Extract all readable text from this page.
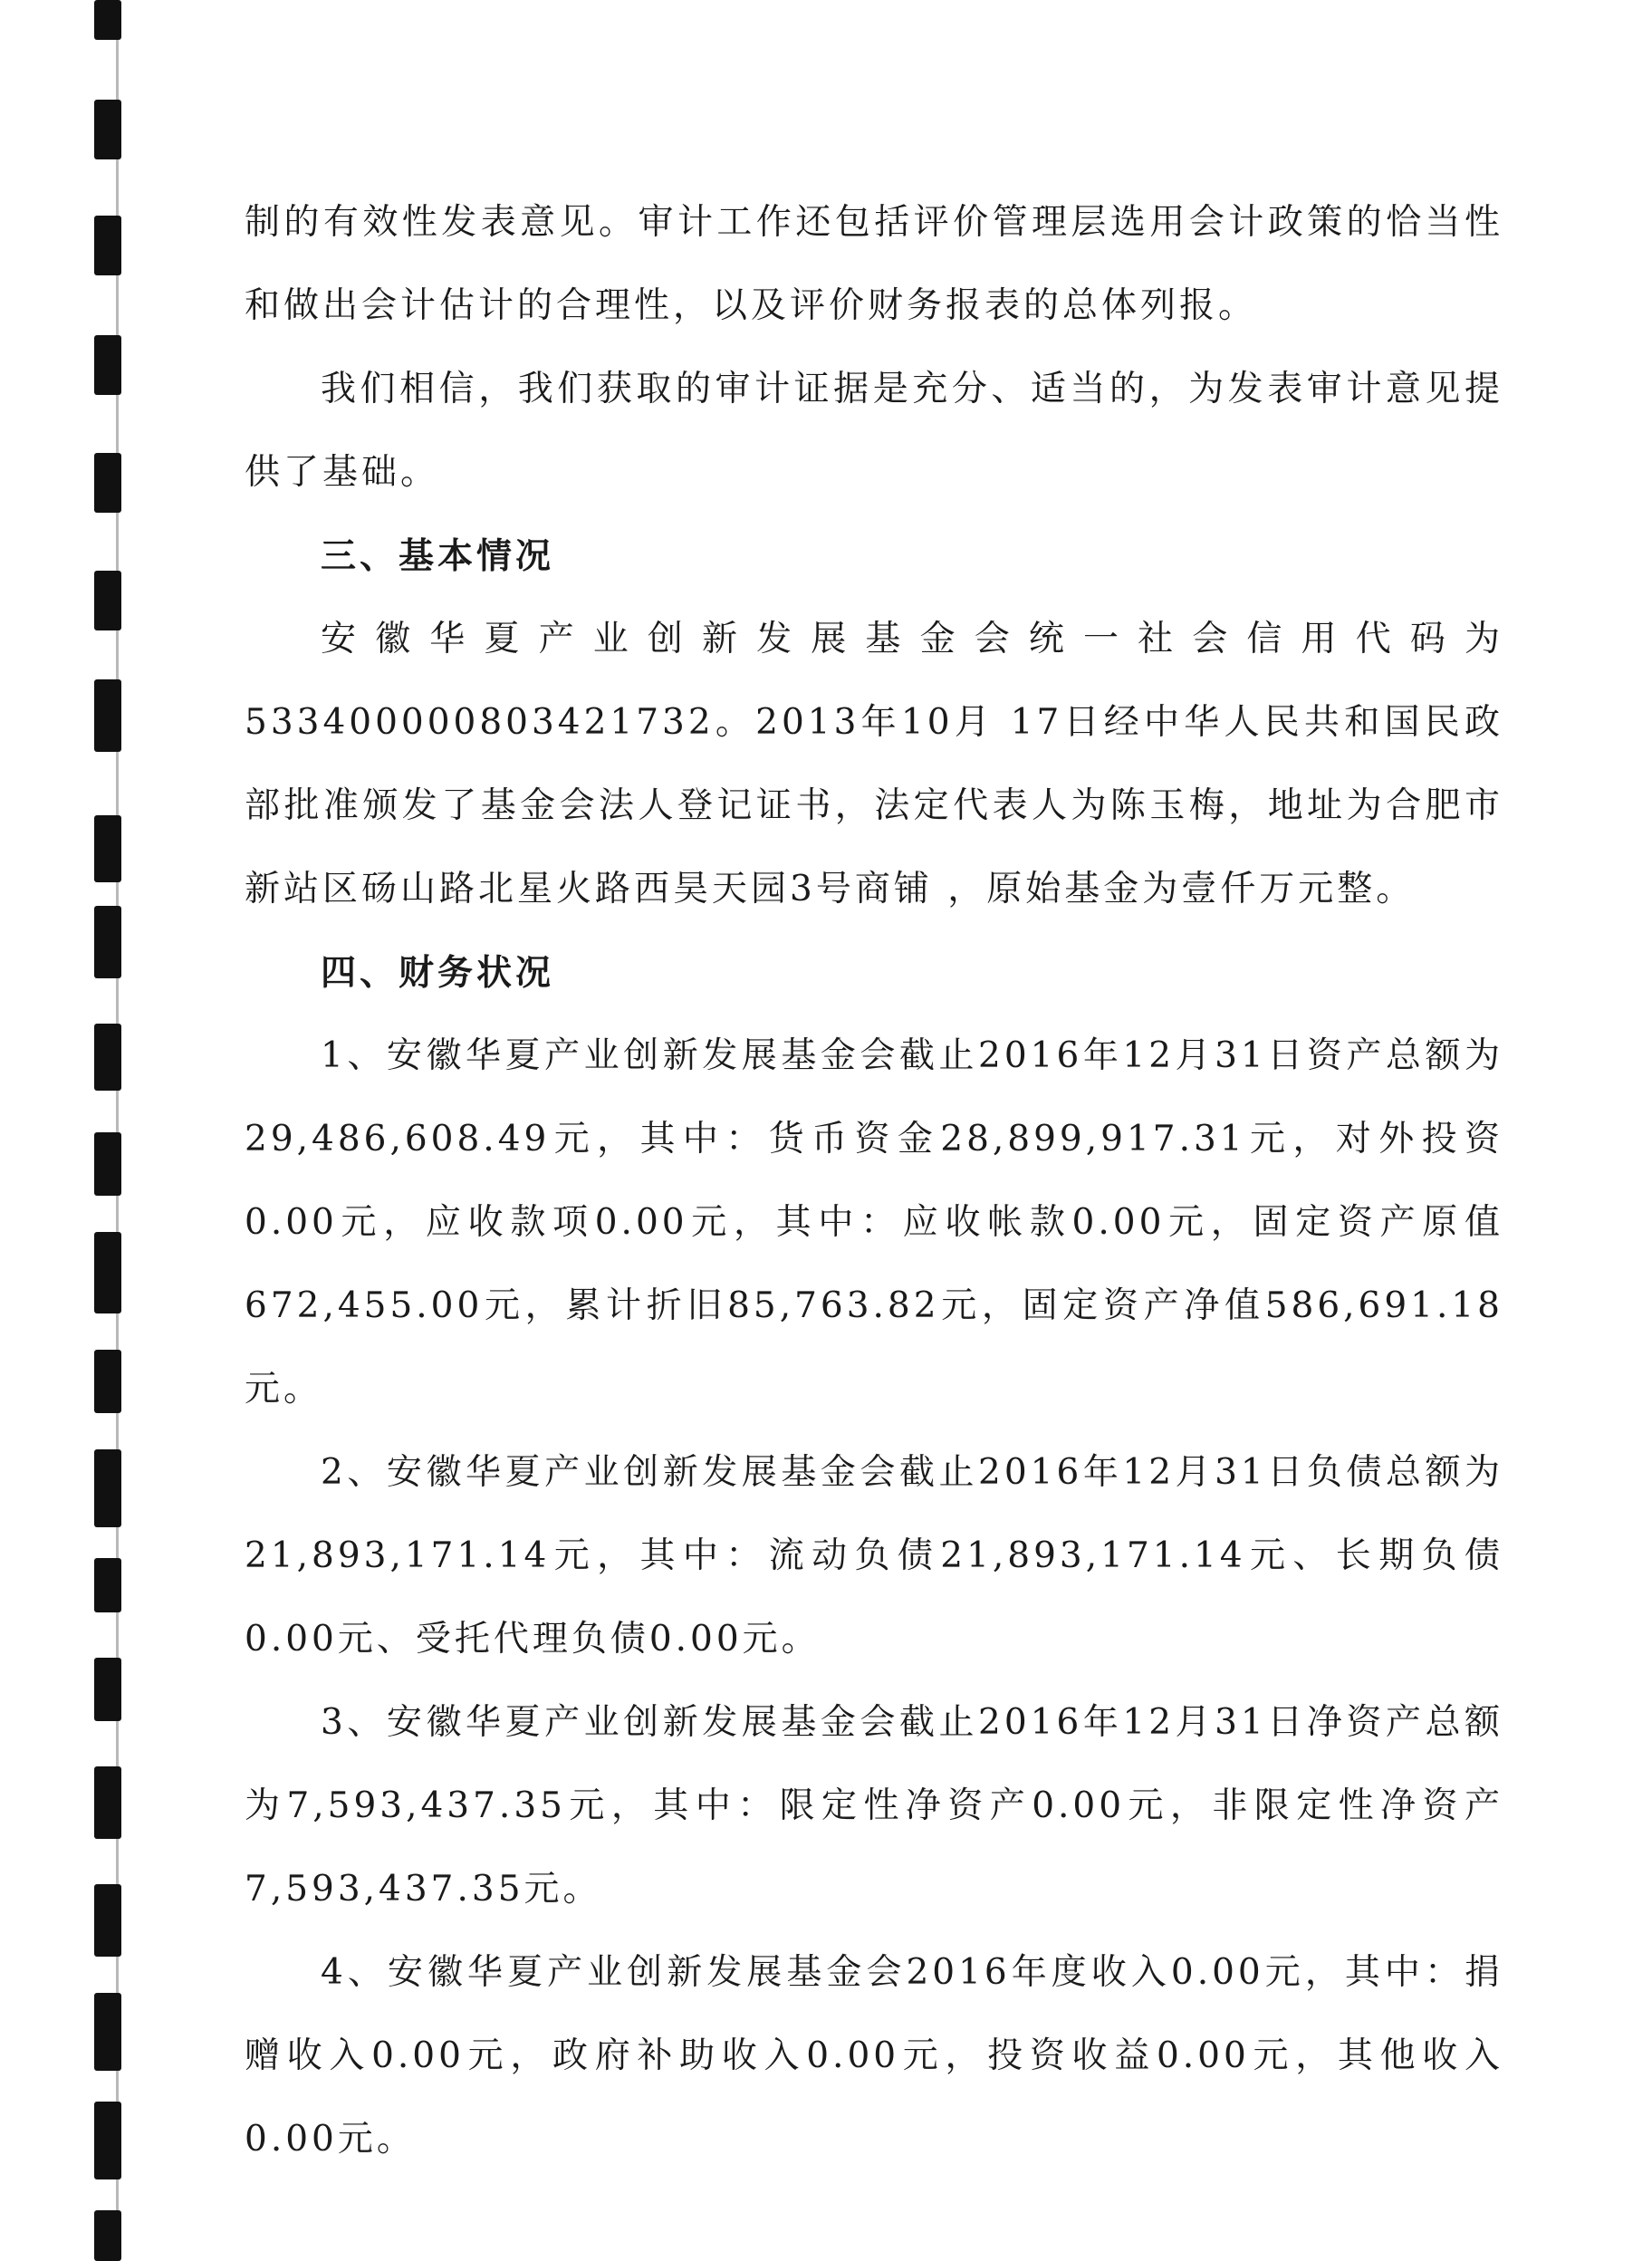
制的有效性发表意见。审计工作还包括评价管理层选用会计政策的恰当性和做出会计估计的合理性，以及评价财务报表的总体列报。

我们相信，我们获取的审计证据是充分、适当的，为发表审计意见提供了基础。

三、基本情况

安徽华夏产业创新发展基金会统一社会信用代码为533400000803421732。2013年10月 17日经中华人民共和国民政部批准颁发了基金会法人登记证书，法定代表人为陈玉梅，地址为合肥市新站区砀山路北星火路西昊天园3号商铺 ，原始基金为壹仟万元整。

四、财务状况

1、安徽华夏产业创新发展基金会截止2016年12月31日资产总额为29,486,608.49元，其中：货币资金28,899,917.31元，对外投资0.00元，应收款项0.00元，其中：应收帐款0.00元，固定资产原值672,455.00元，累计折旧85,763.82元，固定资产净值586,691.18元。

2、安徽华夏产业创新发展基金会截止2016年12月31日负债总额为21,893,171.14元，其中：流动负债21,893,171.14元、长期负债0.00元、受托代理负债0.00元。

3、安徽华夏产业创新发展基金会截止2016年12月31日净资产总额为7,593,437.35元，其中：限定性净资产0.00元，非限定性净资产7,593,437.35元。

4、安徽华夏产业创新发展基金会2016年度收入0.00元，其中：捐赠收入0.00元，政府补助收入0.00元，投资收益0.00元，其他收入0.00元。
